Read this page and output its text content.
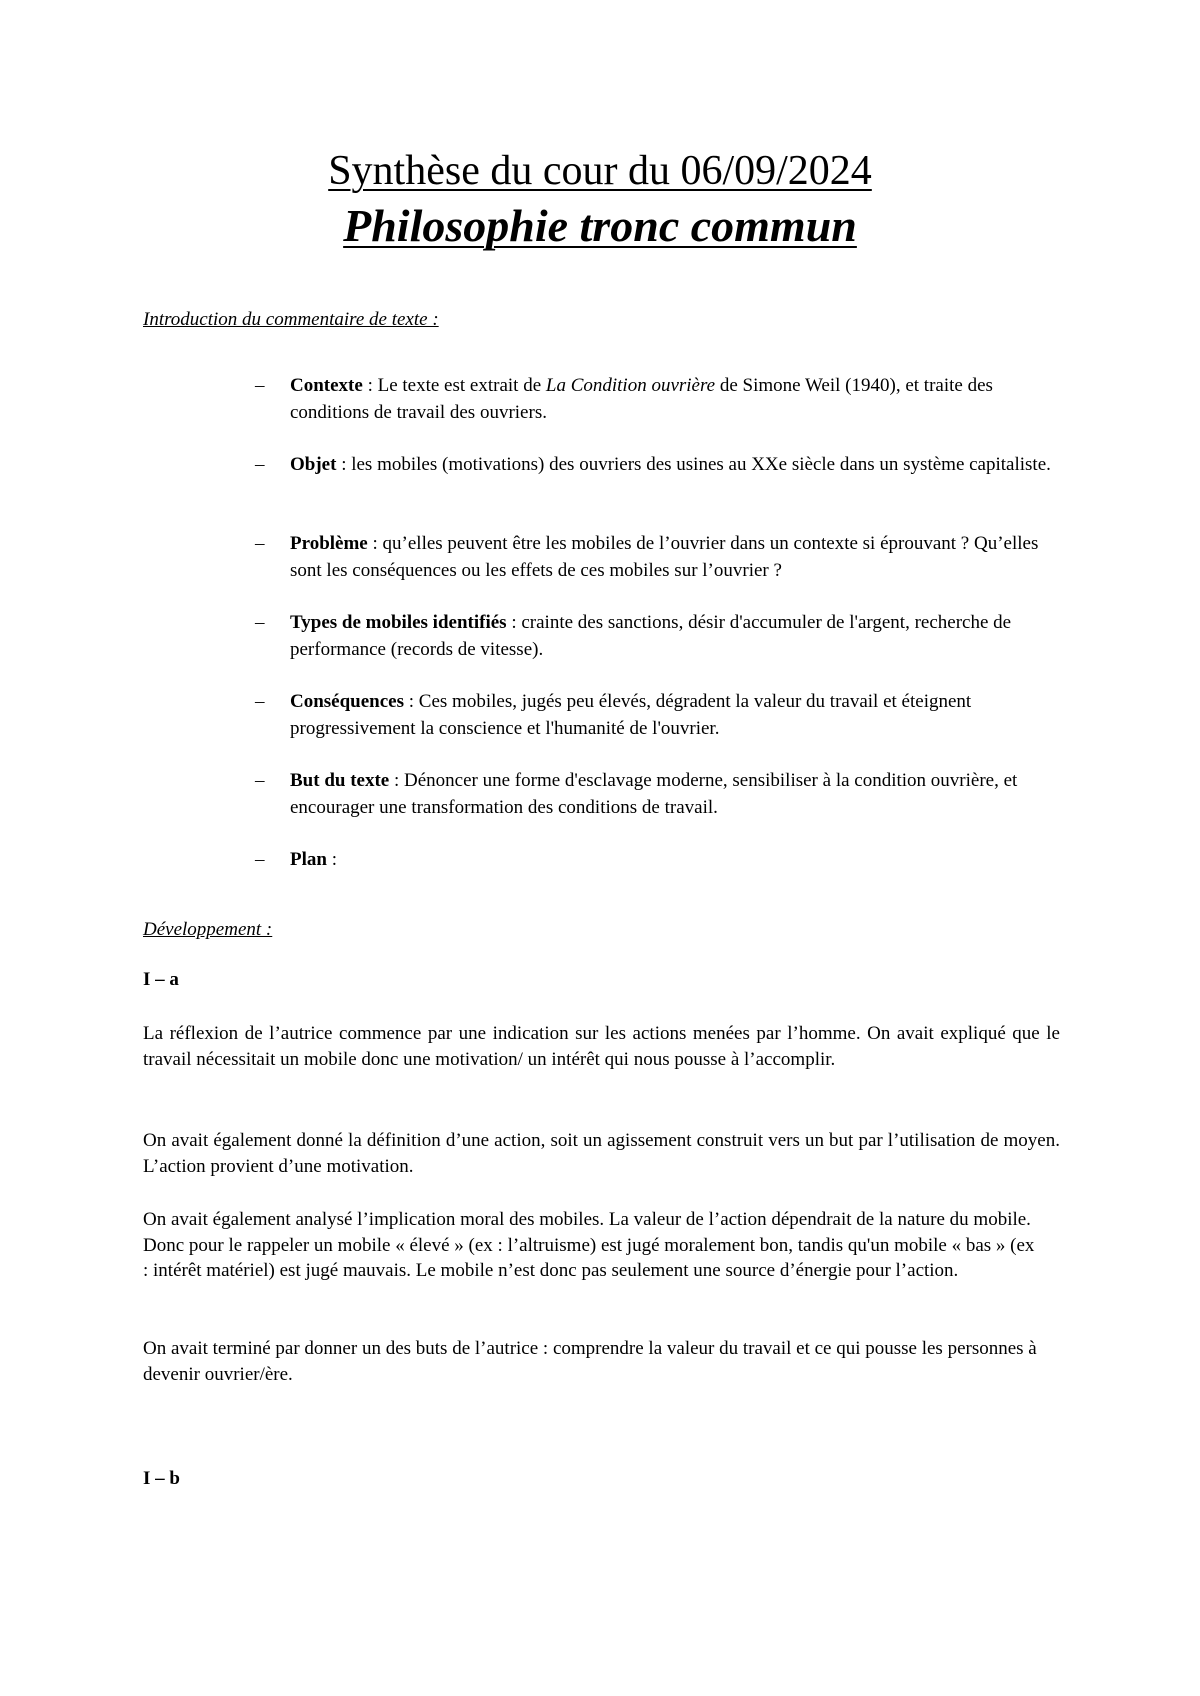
Synthèse du cour du 06/09/2024
Philosophie tronc commun
Introduction du commentaire de texte :
–	Contexte : Le texte est extrait de La Condition ouvrière de Simone Weil (1940), et traite des conditions de travail des ouvriers.
–	Objet : les mobiles (motivations) des ouvriers des usines au XXe siècle dans un système capitaliste.
–	Problème : qu’elles peuvent être les mobiles de l’ouvrier dans un contexte si éprouvant ? Qu’elles sont les conséquences ou les effets de ces mobiles sur l’ouvrier ?
–	Types de mobiles identifiés : crainte des sanctions, désir d'accumuler de l'argent, recherche de performance (records de vitesse).
–	Conséquences : Ces mobiles, jugés peu élevés, dégradent la valeur du travail et éteignent progressivement la conscience et l'humanité de l'ouvrier.
–	But du texte : Dénoncer une forme d'esclavage moderne, sensibiliser à la condition ouvrière, et encourager une transformation des conditions de travail.
–	Plan :
Développement :
I – a
La réflexion de l’autrice commence par une indication sur les actions menées par l’homme. On avait expliqué que le travail nécessitait un mobile donc une motivation/ un intérêt qui nous pousse à l’accomplir.
On avait également donné la définition d’une action, soit un agissement construit vers un but par l’utilisation de moyen. L’action provient d’une motivation.
On avait également analysé l’implication moral des mobiles. La valeur de l’action dépendrait de la nature du mobile. Donc pour le rappeler un mobile « élevé » (ex : l’altruisme) est jugé moralement bon, tandis qu'un mobile « bas » (ex : intérêt matériel) est jugé mauvais. Le mobile n’est donc pas seulement une source d’énergie pour l’action.
On avait terminé par donner un des buts de l’autrice : comprendre la valeur du travail et ce qui pousse les personnes à devenir ouvrier/ère.
I – b
